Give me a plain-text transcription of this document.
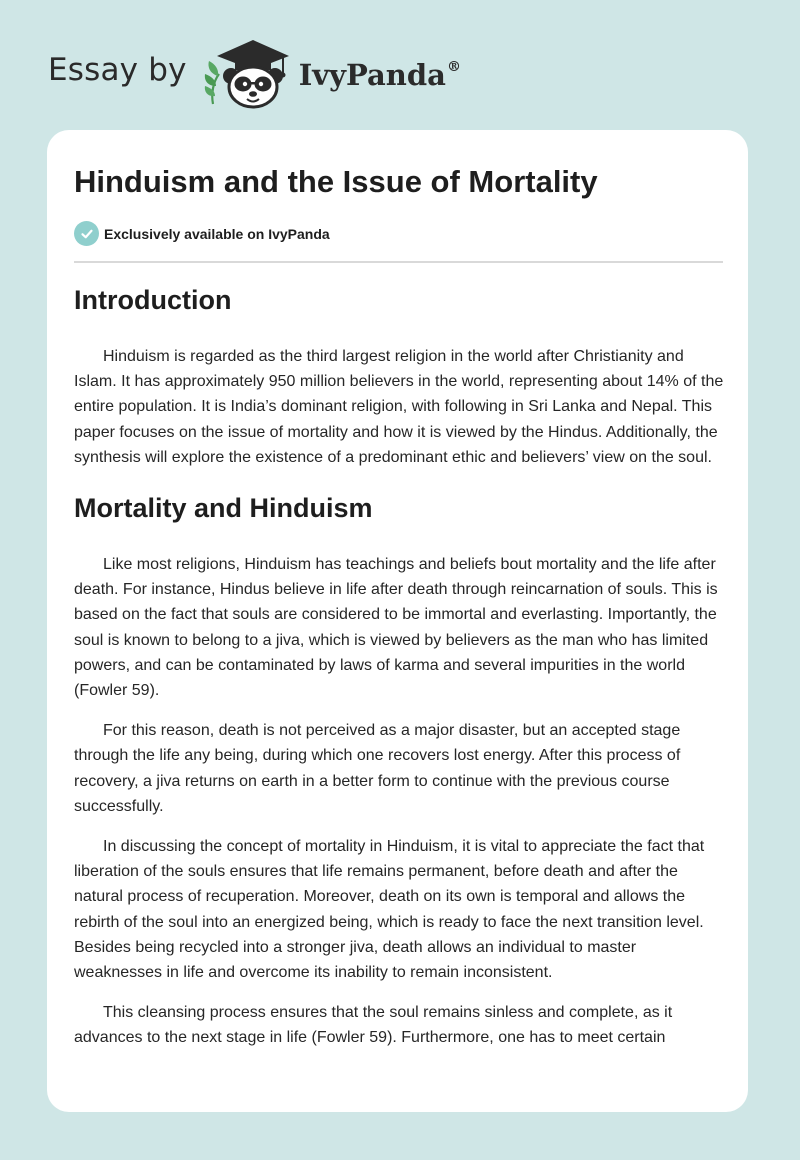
Essay by	IvyPanda®
Hinduism and the Issue of Mortality
Exclusively available on IvyPanda
Introduction

Hinduism is regarded as the third largest religion in the world after Christianity and Islam. It has approximately 950 million believers in the world, representing about 14% of the entire population. It is India’s dominant religion, with following in Sri Lanka and Nepal. This paper focuses on the issue of mortality and how it is viewed by the Hindus. Additionally, the synthesis will explore the existence of a predominant ethic and believers’ view on the soul.

Mortality and Hinduism

Like most religions, Hinduism has teachings and beliefs bout mortality and the life after death. For instance, Hindus believe in life after death through reincarnation of souls. This is based on the fact that souls are considered to be immortal and everlasting. Importantly, the soul is known to belong to a jiva, which is viewed by believers as the man who has limited powers, and can be contaminated by laws of karma and several impurities in the world (Fowler 59).

For this reason, death is not perceived as a major disaster, but an accepted stage through the life any being, during which one recovers lost energy. After this process of recovery, a jiva returns on earth in a better form to continue with the previous course successfully.

In discussing the concept of mortality in Hinduism, it is vital to appreciate the fact that liberation of the souls ensures that life remains permanent, before death and after the natural process of recuperation. Moreover, death on its own is temporal and allows the rebirth of the soul into an energized being, which is ready to face the next transition level. Besides being recycled into a stronger jiva, death allows an individual to master weaknesses in life and overcome its inability to remain inconsistent.

This cleansing process ensures that the soul remains sinless and complete, as it advances to the next stage in life (Fowler 59). Furthermore, one has to meet certain
